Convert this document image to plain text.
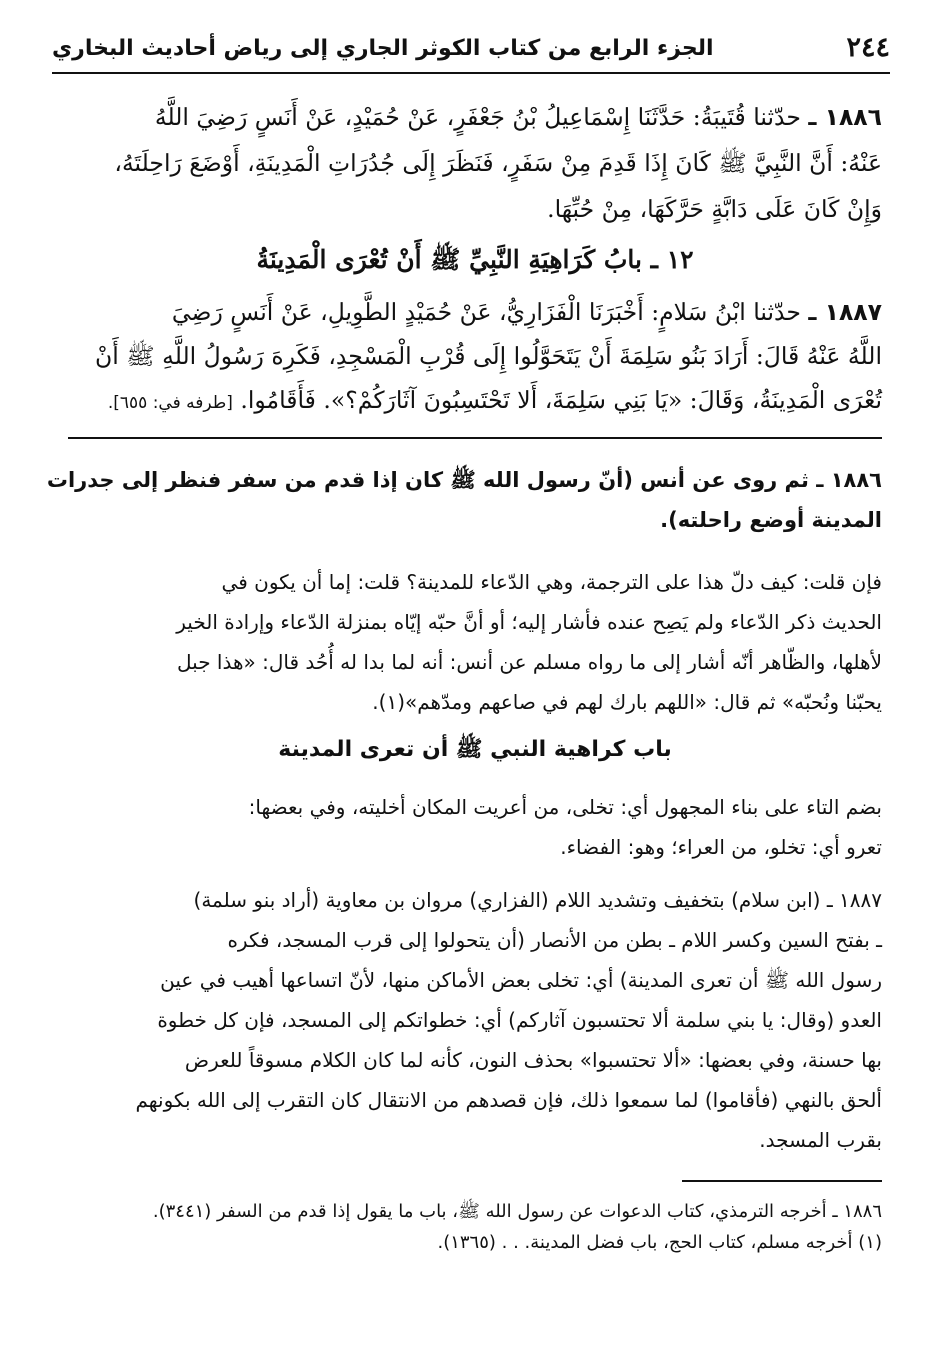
٢٤٤
الجزء الرابع من كتاب الكوثر الجاري إلى رياض أحاديث البخاري
١٨٨٦ ـ حدّثنا قُتَيبَةُ: حَدَّثَنَا إِسْمَاعِيلُ بْنُ جَعْفَرٍ، عَنْ حُمَيْدٍ، عَنْ أَنَسٍ رَضِيَ اللَّهُ
عَنْهُ: أَنَّ النَّبِيَّ ﷺ كَانَ إِذَا قَدِمَ مِنْ سَفَرٍ، فَنَظَرَ إِلَى جُدُرَاتِ الْمَدِينَةِ، أَوْضَعَ رَاحِلَتَهُ،
وَإِنْ كَانَ عَلَى دَابَّةٍ حَرَّكَهَا، مِنْ حُبِّهَا.
١٢ ـ بابُ كَرَاهِيَةِ النَّبِيِّ ﷺ أَنْ تُعْرَى الْمَدِينَةُ
١٨٨٧ ـ حدّثنا ابْنُ سَلامٍ: أَخْبَرَنَا الْفَزَارِيُّ، عَنْ حُمَيْدٍ الطَّوِيلِ، عَنْ أَنَسٍ رَضِيَ
اللَّهُ عَنْهُ قَالَ: أَرَادَ بَنُو سَلِمَةَ أَنْ يَتَحَوَّلُوا إِلَى قُرْبِ الْمَسْجِدِ، فَكَرِهَ رَسُولُ اللَّهِ ﷺ أَنْ
تُعْرَى الْمَدِينَةُ، وَقَالَ: «يَا بَنِي سَلِمَةَ، أَلا تَحْتَسِبُونَ آثَارَكُمْ؟». فَأَقَامُوا. [طرفه في: ٦٥٥].
١٨٨٦ ـ ثم روى عن أنس (أنّ رسول الله ﷺ كان إذا قدم من سفر فنظر إلى جدرات
المدينة أوضع راحلته).
فإن قلت: كيف دلّ هذا على الترجمة، وهي الدّعاء للمدينة؟ قلت: إما أن يكون في
الحديث ذكر الدّعاء ولم يَصِح عنده فأشار إليه؛ أو أنَّ حبّه إيّاه بمنزلة الدّعاء وإرادة الخير
لأهلها، والظّاهر أنّه أشار إلى ما رواه مسلم عن أنس: أنه لما بدا له أُحُد قال: «هذا جبل
يحبّنا ونُحبّه» ثم قال: «اللهم بارك لهم في صاعهم ومدّهم»(١).
باب كراهية النبي ﷺ أن تعرى المدينة
بضم التاء على بناء المجهول أي: تخلى، من أعريت المكان أخليته، وفي بعضها:
تعرو أي: تخلو، من العراء؛ وهو: الفضاء.
١٨٨٧ ـ (ابن سلام) بتخفيف وتشديد اللام (الفزاري) مروان بن معاوية (أراد بنو سلمة)
ـ بفتح السين وكسر اللام ـ بطن من الأنصار (أن يتحولوا إلى قرب المسجد، فكره
رسول الله ﷺ أن تعرى المدينة) أي: تخلى بعض الأماكن منها، لأنّ اتساعها أهيب في عين
العدو (وقال: يا بني سلمة ألا تحتسبون آثاركم) أي: خطواتكم إلى المسجد، فإن كل خطوة
بها حسنة، وفي بعضها: «ألا تحتسبوا» بحذف النون، كأنه لما كان الكلام مسوقاً للعرض
ألحق بالنهي (فأقاموا) لما سمعوا ذلك، فإن قصدهم من الانتقال كان التقرب إلى الله بكونهم
بقرب المسجد.
١٨٨٦ ـ أخرجه الترمذي، كتاب الدعوات عن رسول الله ﷺ، باب ما يقول إذا قدم من السفر (٣٤٤١).
(١) أخرجه مسلم، كتاب الحج، باب فضل المدينة. . . (١٣٦٥).
